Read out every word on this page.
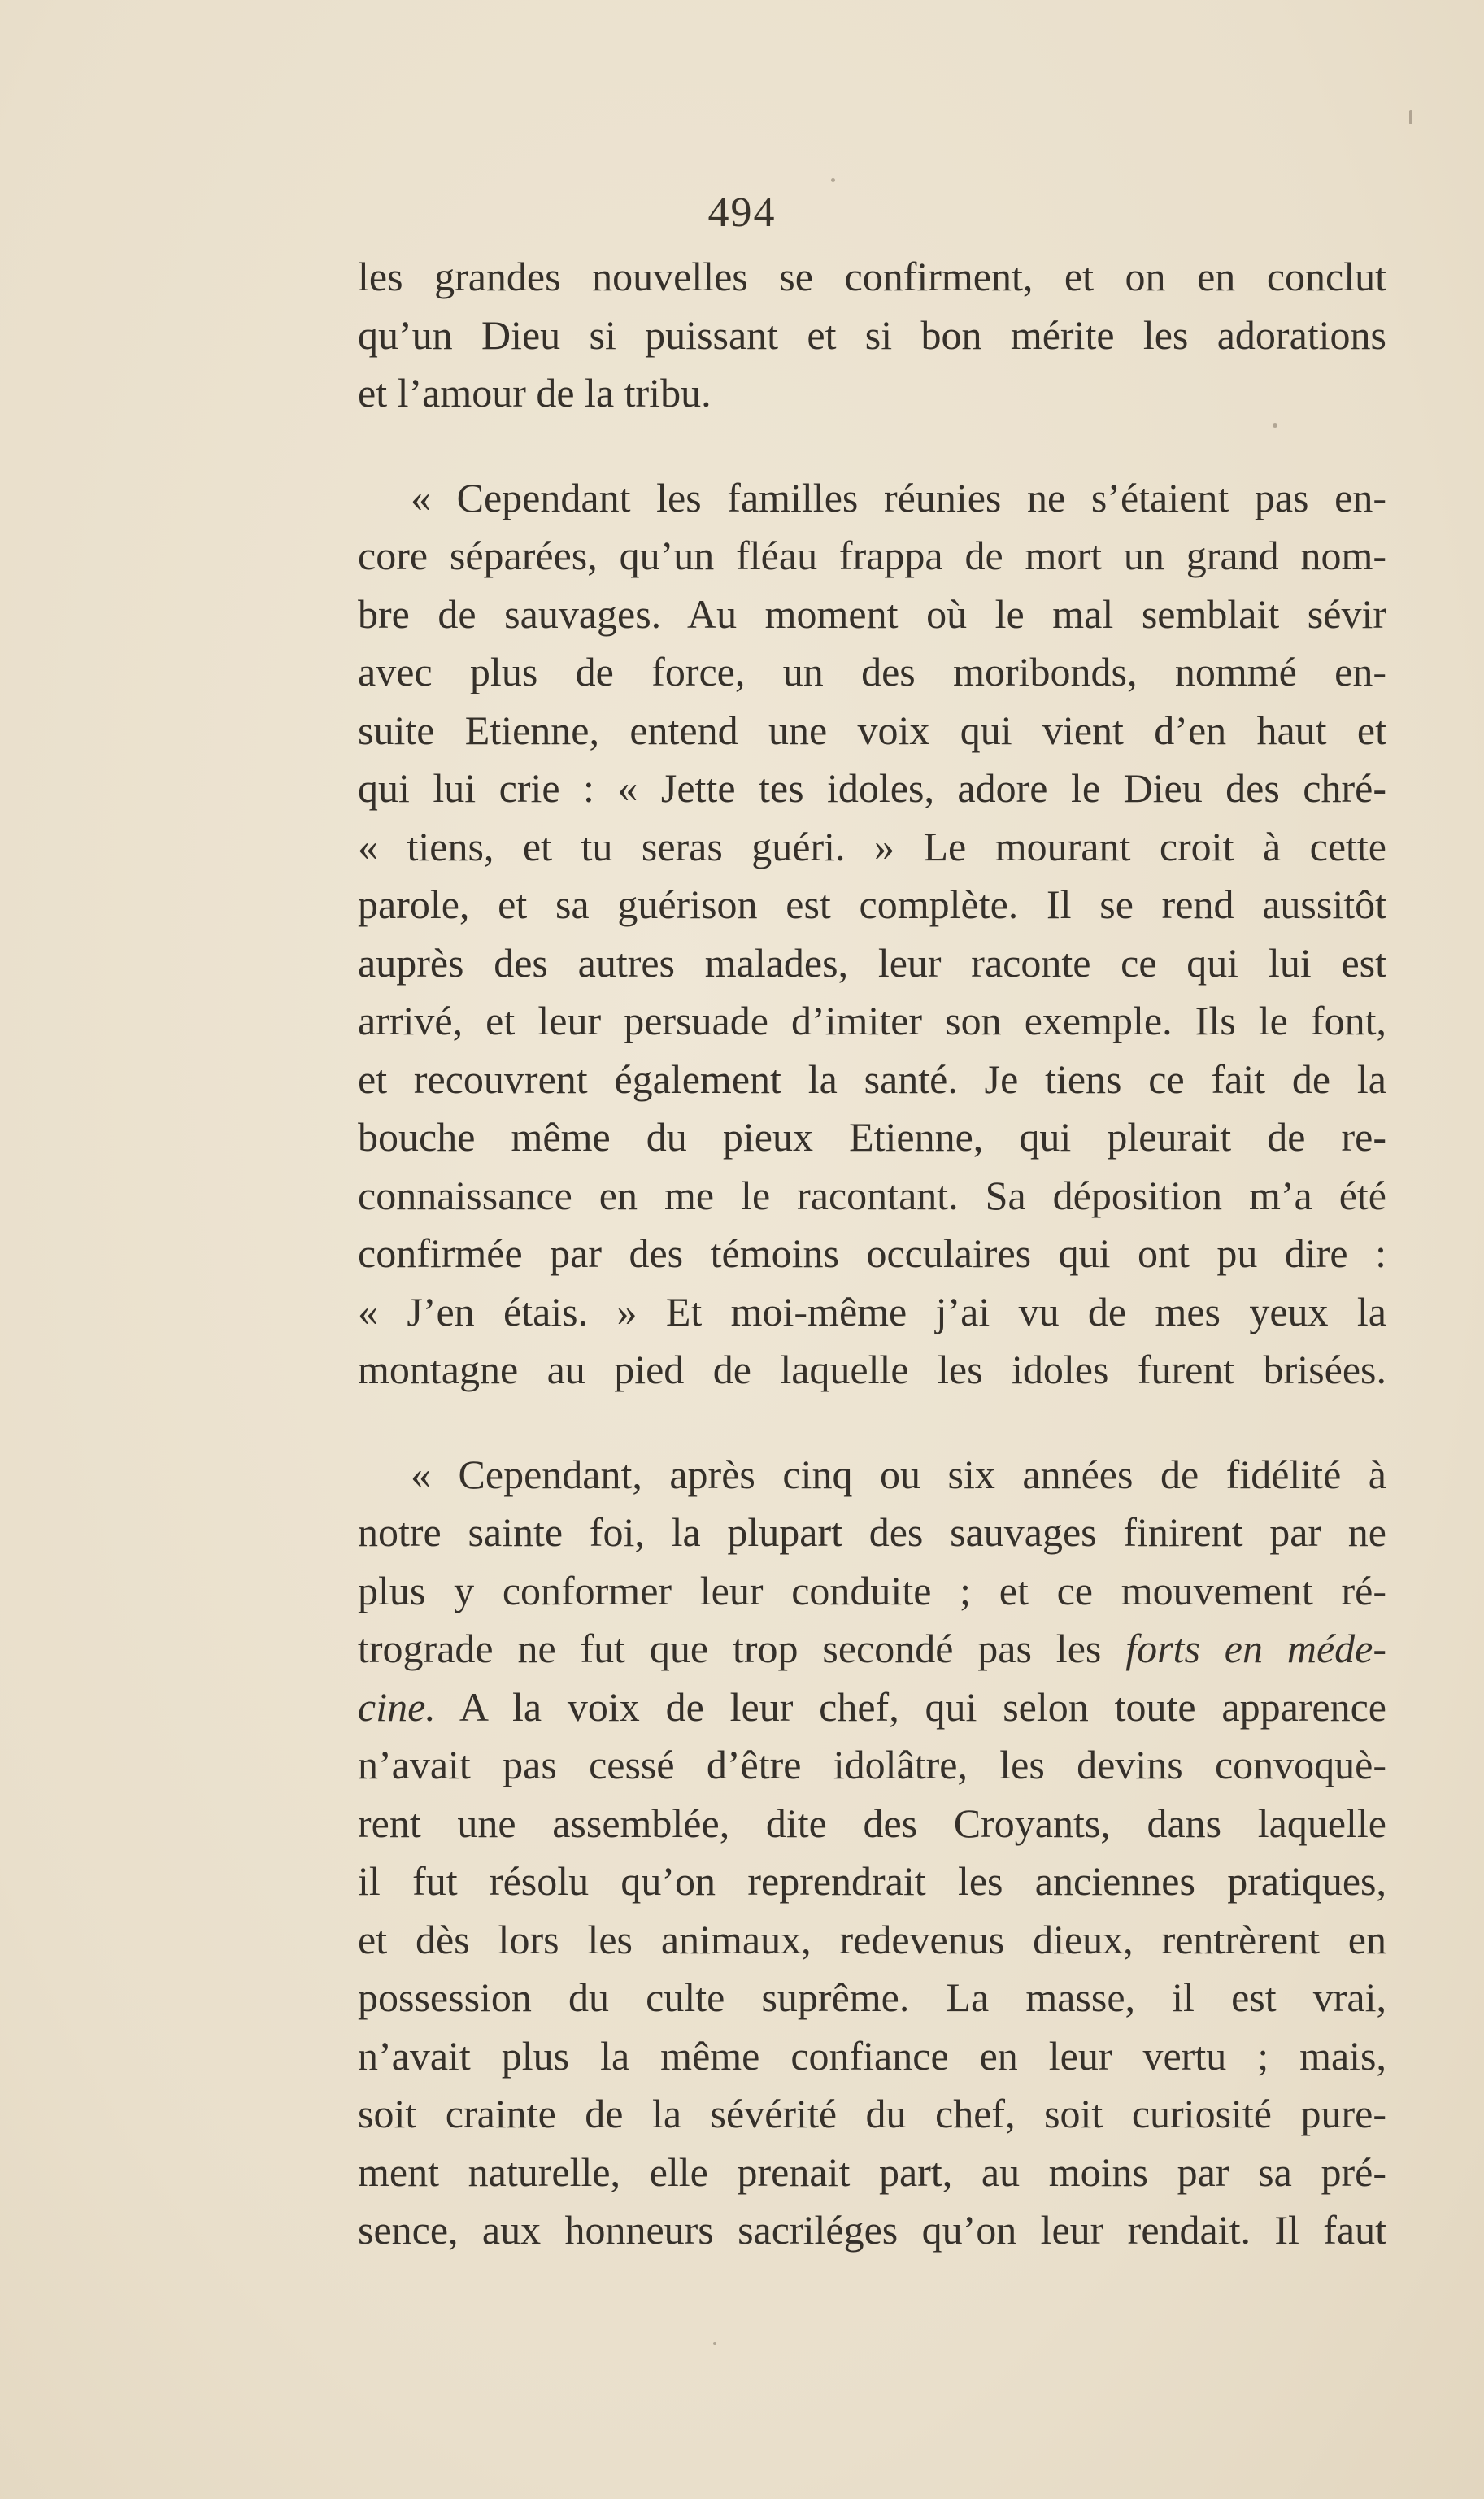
494
les grandes nouvelles se confirment, et on en conclut
qu’un Dieu si puissant et si bon mérite les adorations
et l’amour de la tribu.
« Cependant les familles réunies ne s’étaient pas en-
core séparées, qu’un fléau frappa de mort un grand nom-
bre de sauvages. Au moment où le mal semblait sévir
avec plus de force, un des moribonds, nommé en-
suite Etienne, entend une voix qui vient d’en haut et
qui lui crie : « Jette tes idoles, adore le Dieu des chré-
« tiens, et tu seras guéri. » Le mourant croit à cette
parole, et sa guérison est complète. Il se rend aussitôt
auprès des autres malades, leur raconte ce qui lui est
arrivé, et leur persuade d’imiter son exemple. Ils le font,
et recouvrent également la santé. Je tiens ce fait de la
bouche même du pieux Etienne, qui pleurait de re-
connaissance en me le racontant. Sa déposition m’a été
confirmée par des témoins occulaires qui ont pu dire :
« J’en étais. » Et moi-même j’ai vu de mes yeux la
montagne au pied de laquelle les idoles furent brisées.
« Cependant, après cinq ou six années de fidélité à
notre sainte foi, la plupart des sauvages finirent par ne
plus y conformer leur conduite ; et ce mouvement ré-
trograde ne fut que trop secondé pas les forts en méde-
cine. A la voix de leur chef, qui selon toute apparence
n’avait pas cessé d’être idolâtre, les devins convoquè-
rent une assemblée, dite des Croyants, dans laquelle
il fut résolu qu’on reprendrait les anciennes pratiques,
et dès lors les animaux, redevenus dieux, rentrèrent en
possession du culte suprême. La masse, il est vrai,
n’avait plus la même confiance en leur vertu ; mais,
soit crainte de la sévérité du chef, soit curiosité pure-
ment naturelle, elle prenait part, au moins par sa pré-
sence, aux honneurs sacriléges qu’on leur rendait. Il faut
